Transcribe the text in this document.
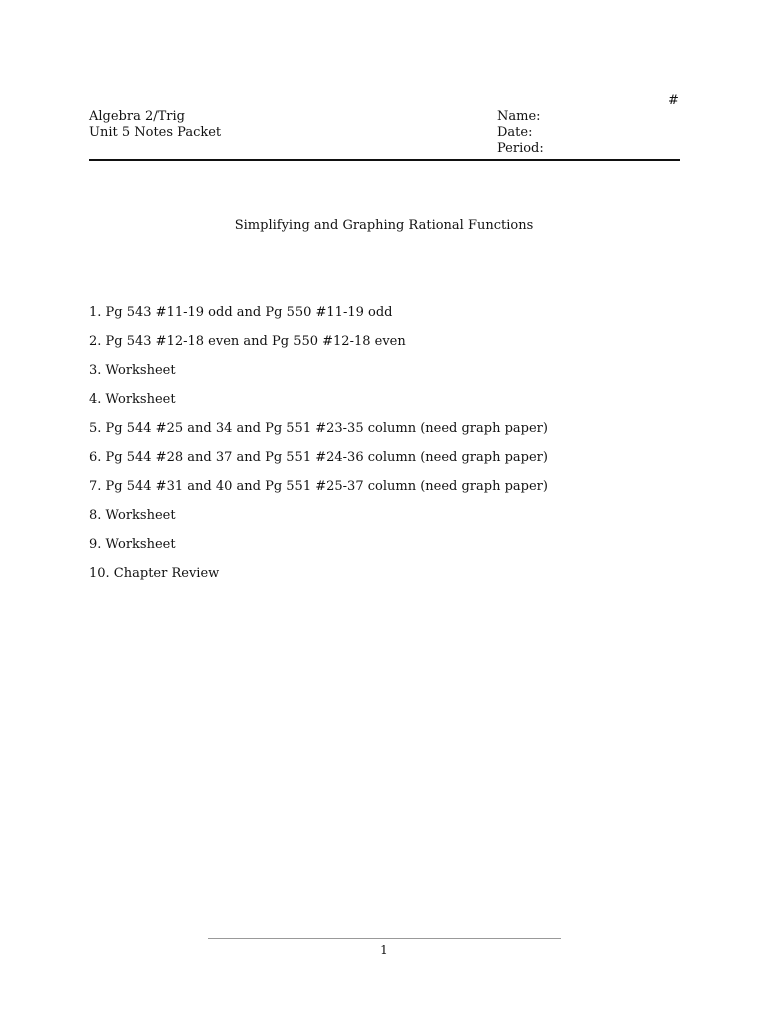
#
Algebra 2/Trig
Unit 5 Notes Packet
Name:
Date:
Period:
Simplifying and Graphing Rational Functions
1. Pg 543 #11-19 odd and Pg 550 #11-19 odd
2. Pg 543 #12-18 even and Pg 550 #12-18 even
3. Worksheet
4. Worksheet
5. Pg 544 #25 and 34 and Pg 551 #23-35 column (need graph paper)
6. Pg 544 #28 and 37 and Pg 551 #24-36 column (need graph paper)
7. Pg 544 #31 and 40 and Pg 551 #25-37 column (need graph paper)
8. Worksheet
9. Worksheet
10. Chapter Review
1
